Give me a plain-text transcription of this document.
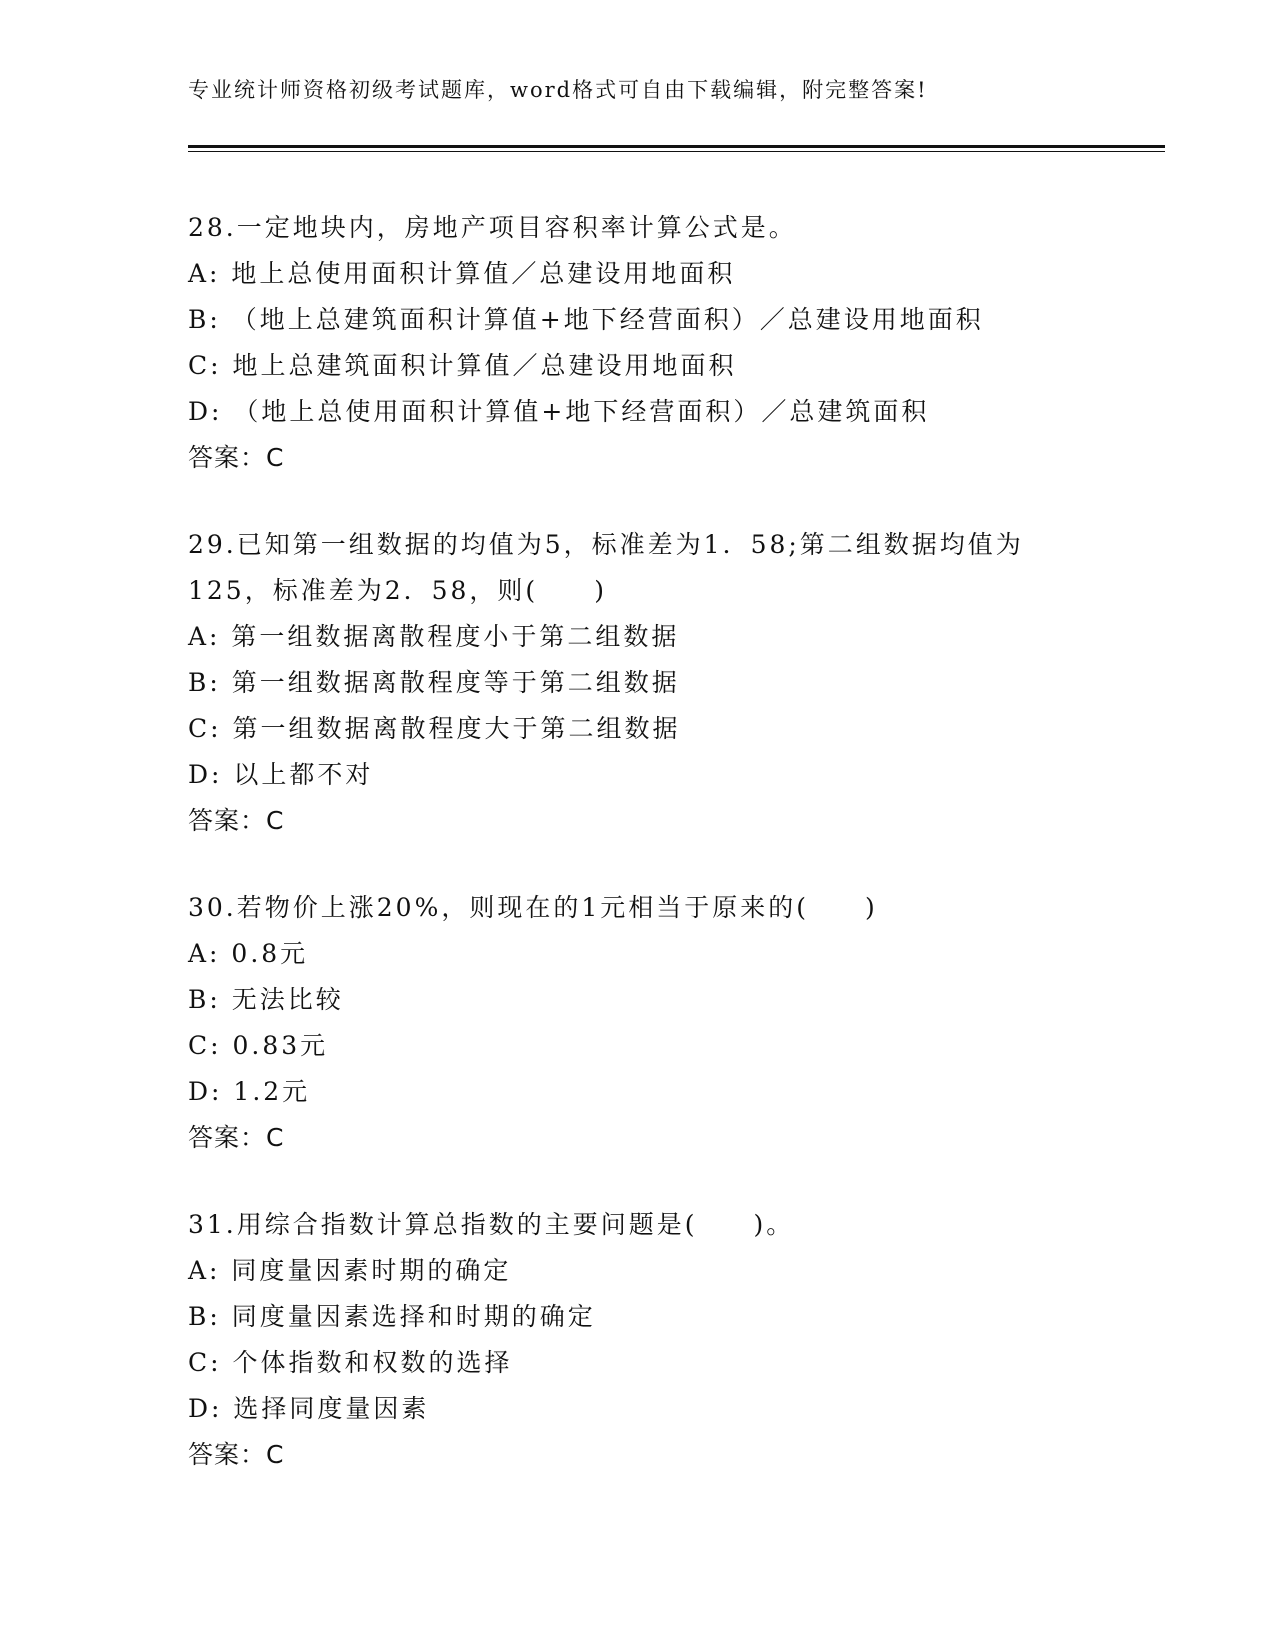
专业统计师资格初级考试题库，word格式可自由下载编辑，附完整答案!
28.一定地块内，房地产项目容积率计算公式是。
A: 地上总使用面积计算值／总建设用地面积
B: （地上总建筑面积计算值+地下经营面积）／总建设用地面积
C: 地上总建筑面积计算值／总建设用地面积
D: （地上总使用面积计算值+地下经营面积）／总建筑面积
答案：C
29.已知第一组数据的均值为5，标准差为1．58;第二组数据均值为125，标准差为2．58，则(　　)
A: 第一组数据离散程度小于第二组数据
B: 第一组数据离散程度等于第二组数据
C: 第一组数据离散程度大于第二组数据
D: 以上都不对
答案：C
30.若物价上涨20%，则现在的1元相当于原来的(　　)
A: 0.8元
B: 无法比较
C: 0.83元
D: 1.2元
答案：C
31.用综合指数计算总指数的主要问题是(　　)。
A: 同度量因素时期的确定
B: 同度量因素选择和时期的确定
C: 个体指数和权数的选择
D: 选择同度量因素
答案：C
